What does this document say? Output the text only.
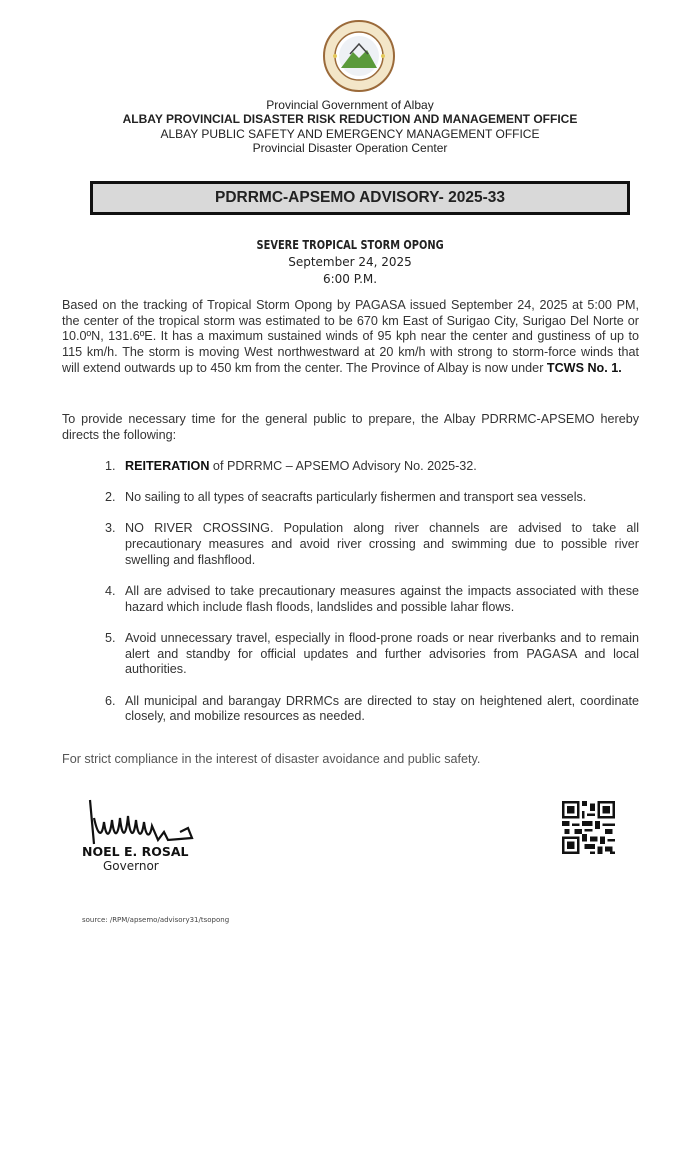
Provincial Government of Albay
ALBAY PROVINCIAL DISASTER RISK REDUCTION AND MANAGEMENT OFFICE
ALBAY PUBLIC SAFETY AND EMERGENCY MANAGEMENT OFFICE
Provincial Disaster Operation Center
PDRRMC-APSEMO ADVISORY- 2025-33
SEVERE TROPICAL STORM OPONG
September 24, 2025
6:00 P.M.
Based on the tracking of Tropical Storm Opong by PAGASA issued September 24, 2025 at 5:00 PM, the center of the tropical storm was estimated to be 670 km East of Surigao City, Surigao Del Norte or 10.0ºN, 131.6ºE. It has a maximum sustained winds of 95 kph near the center and gustiness of up to 115 km/h. The storm is moving West northwestward at 20 km/h with strong to storm-force winds that will extend outwards up to 450 km from the center. The Province of Albay is now under TCWS No. 1.
To provide necessary time for the general public to prepare, the Albay PDRRMC-APSEMO hereby directs the following:
1. REITERATION of PDRRMC – APSEMO Advisory No. 2025-32.
2. No sailing to all types of seacrafts particularly fishermen and transport sea vessels.
3. NO RIVER CROSSING. Population along river channels are advised to take all precautionary measures and avoid river crossing and swimming due to possible river swelling and flashflood.
4. All are advised to take precautionary measures against the impacts associated with these hazard which include flash floods, landslides and possible lahar flows.
5. Avoid unnecessary travel, especially in flood-prone roads or near riverbanks and to remain alert and standby for official updates and further advisories from PAGASA and local authorities.
6. All municipal and barangay DRRMCs are directed to stay on heightened alert, coordinate closely, and mobilize resources as needed.
For strict compliance in the interest of disaster avoidance and public safety.
NOEL E. ROSAL
Governor
source: /RPM/apsemo/advisory31/tsopong
